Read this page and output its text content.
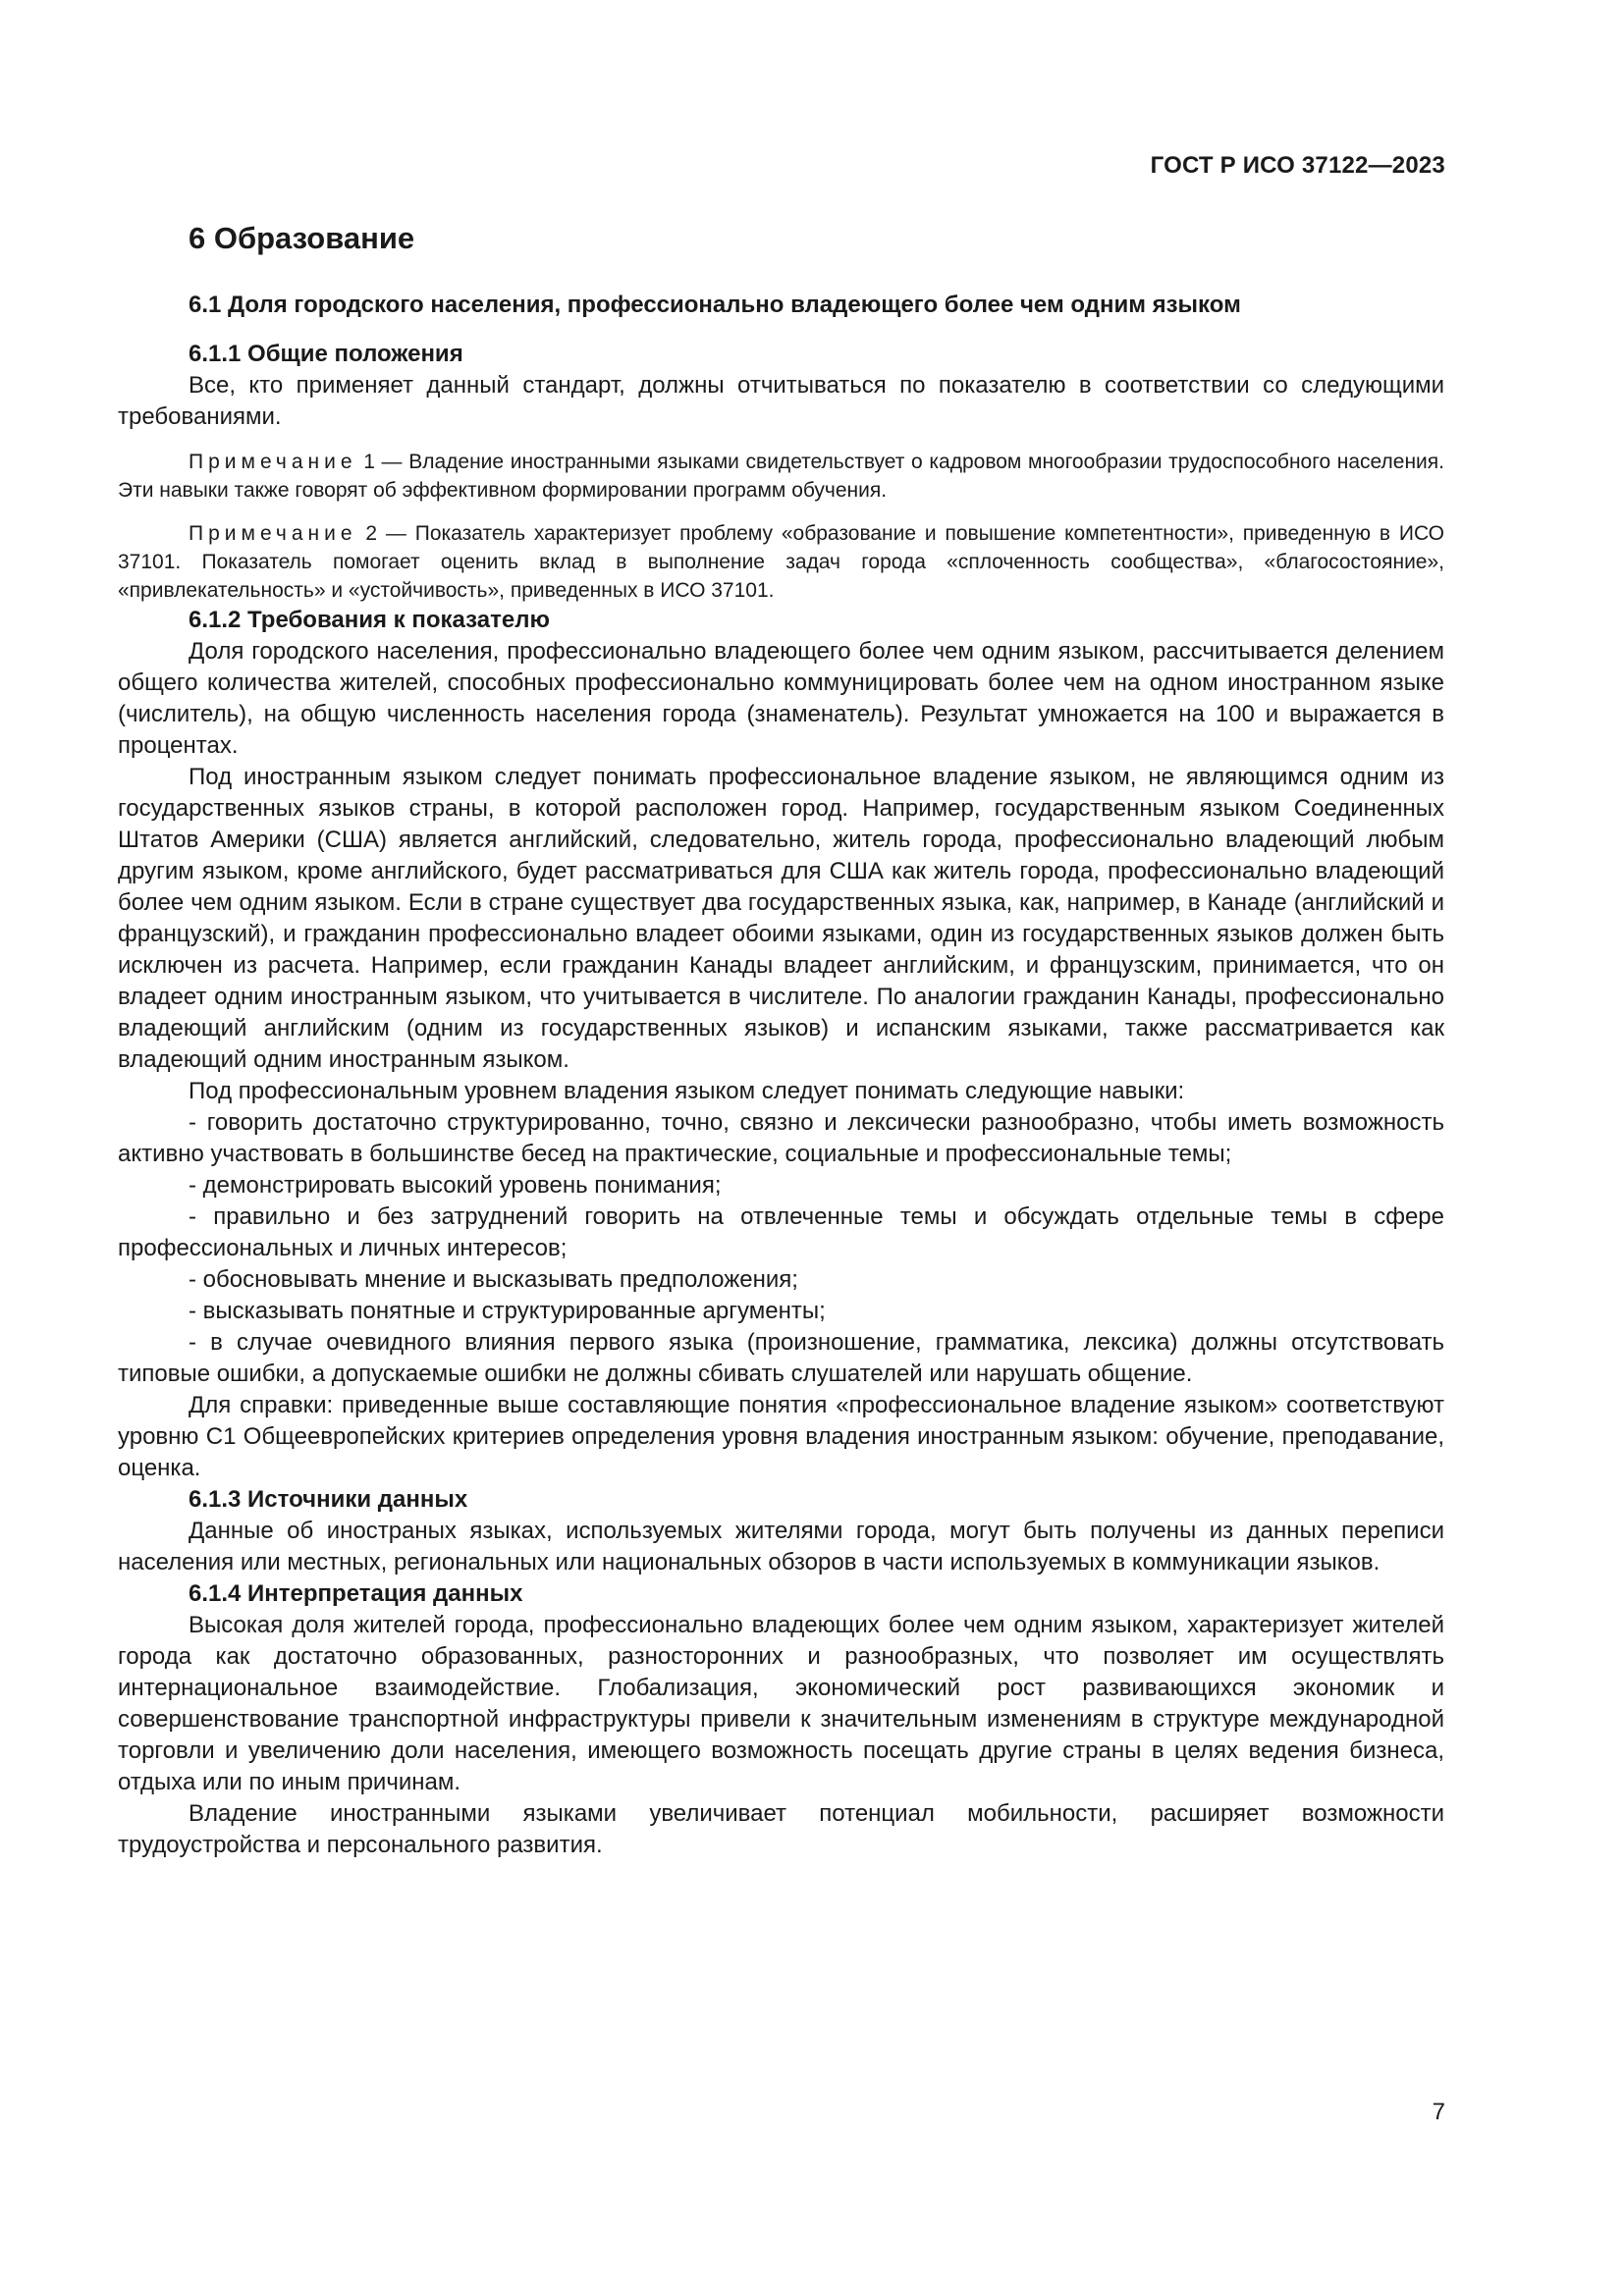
ГОСТ Р ИСО 37122—2023
6 Образование
6.1 Доля городского населения, профессионально владеющего более чем одним языком
6.1.1 Общие положения

Все, кто применяет данный стандарт, должны отчитываться по показателю в соответствии со следующими требованиями.

Примечание 1 — Владение иностранными языками свидетельствует о кадровом многообразии трудоспособного населения. Эти навыки также говорят об эффективном формировании программ обучения.

Примечание 2 — Показатель характеризует проблему «образование и повышение компетентности», приведенную в ИСО 37101. Показатель помогает оценить вклад в выполнение задач города «сплоченность сообщества», «благосостояние», «привлекательность» и «устойчивость», приведенных в ИСО 37101.

6.1.2 Требования к показателю

Доля городского населения, профессионально владеющего более чем одним языком, рассчитывается делением общего количества жителей, способных профессионально коммуницировать более чем на одном иностранном языке (числитель), на общую численность населения города (знаменатель). Результат умножается на 100 и выражается в процентах.

Под иностранным языком следует понимать профессиональное владение языком, не являющимся одним из государственных языков страны, в которой расположен город. Например, государственным языком Соединенных Штатов Америки (США) является английский, следовательно, житель города, профессионально владеющий любым другим языком, кроме английского, будет рассматриваться для США как житель города, профессионально владеющий более чем одним языком. Если в стране существует два государственных языка, как, например, в Канаде (английский и французский), и гражданин профессионально владеет обоими языками, один из государственных языков должен быть исключен из расчета. Например, если гражданин Канады владеет английским, и французским, принимается, что он владеет одним иностранным языком, что учитывается в числителе. По аналогии гражданин Канады, профессионально владеющий английским (одним из государственных языков) и испанским языками, также рассматривается как владеющий одним иностранным языком.

Под профессиональным уровнем владения языком следует понимать следующие навыки:

- говорить достаточно структурированно, точно, связно и лексически разнообразно, чтобы иметь возможность активно участвовать в большинстве бесед на практические, социальные и профессиональные темы;
- демонстрировать высокий уровень понимания;
- правильно и без затруднений говорить на отвлеченные темы и обсуждать отдельные темы в сфере профессиональных и личных интересов;
- обосновывать мнение и высказывать предположения;
- высказывать понятные и структурированные аргументы;
- в случае очевидного влияния первого языка (произношение, грамматика, лексика) должны отсутствовать типовые ошибки, а допускаемые ошибки не должны сбивать слушателей или нарушать общение.

Для справки: приведенные выше составляющие понятия «профессиональное владение языком» соответствуют уровню С1 Общеевропейских критериев определения уровня владения иностранным языком: обучение, преподавание, оценка.

6.1.3 Источники данных

Данные об иностраных языках, используемых жителями города, могут быть получены из данных переписи населения или местных, региональных или национальных обзоров в части используемых в коммуникации языков.

6.1.4 Интерпретация данных

Высокая доля жителей города, профессионально владеющих более чем одним языком, характеризует жителей города как достаточно образованных, разносторонних и разнообразных, что позволяет им осуществлять интернациональное взаимодействие. Глобализация, экономический рост развивающихся экономик и совершенствование транспортной инфраструктуры привели к значительным изменениям в структуре международной торговли и увеличению доли населения, имеющего возможность посещать другие страны в целях ведения бизнеса, отдыха или по иным причинам.

Владение иностранными языками увеличивает потенциал мобильности, расширяет возможности трудоустройства и персонального развития.

7
